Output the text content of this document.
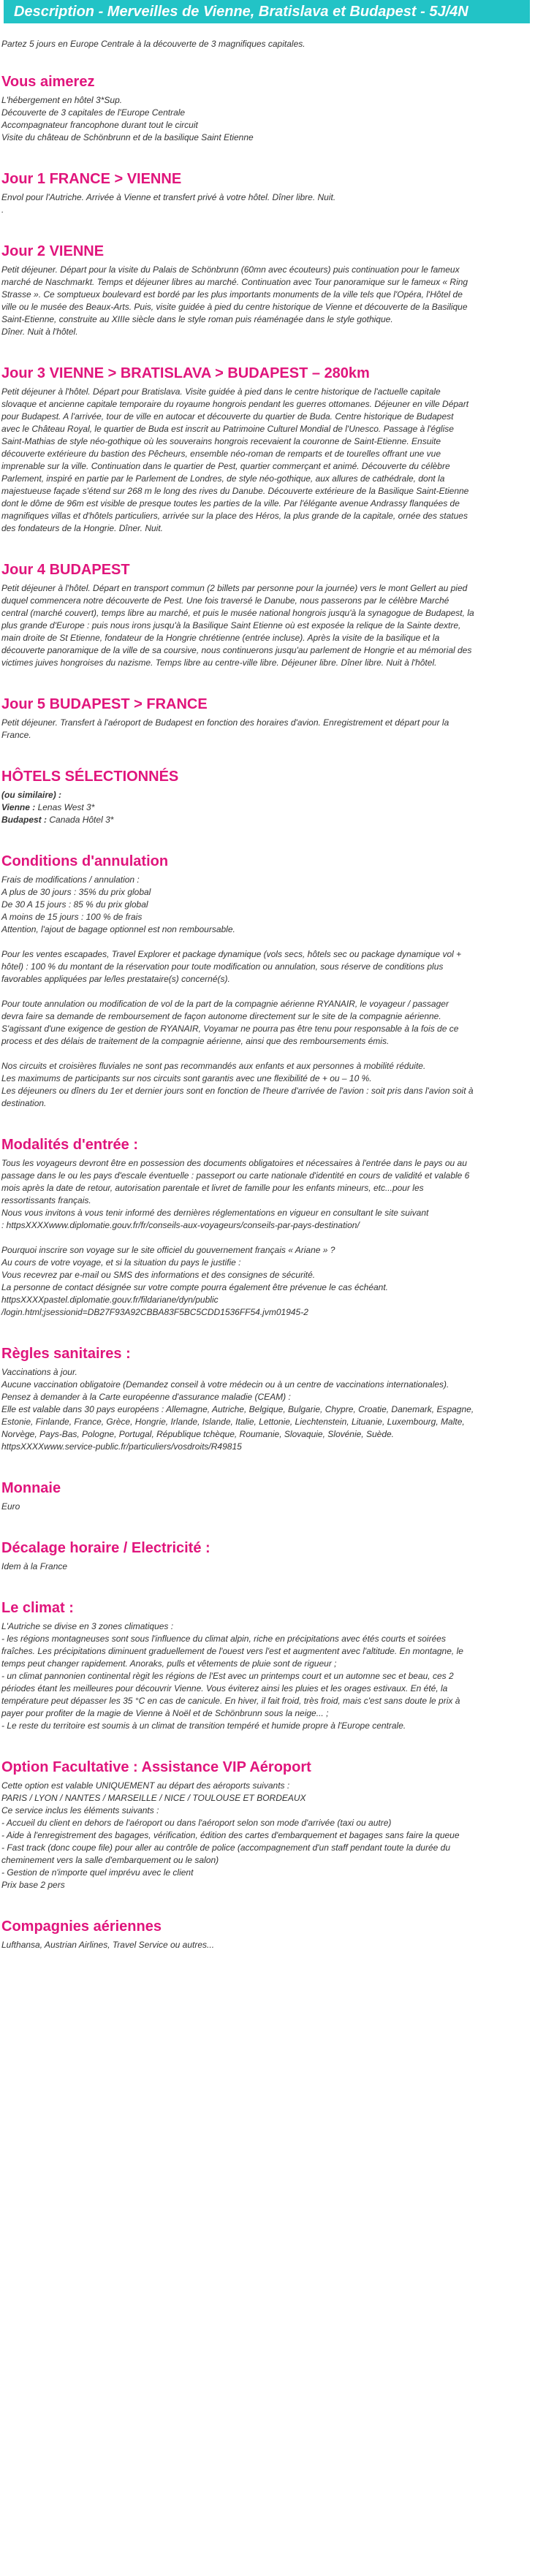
Description - Merveilles de Vienne, Bratislava et Budapest - 5J/4N

Partez 5 jours en Europe Centrale à la découverte de 3 magnifiques capitales.

Vous aimerez

L'hébergement en hôtel 3*Sup.

Découverte de 3 capitales de l'Europe Centrale

Accompagnateur francophone durant tout le circuit

Visite du château de Schönbrunn et de la basilique Saint Etienne

Jour 1 FRANCE > VIENNE

Envol pour l'Autriche. Arrivée à Vienne et transfert privé à votre hôtel. Dîner libre. Nuit.

.

Jour 2 VIENNE

Petit déjeuner. Départ pour la visite du Palais de Schönbrunn (60mn avec écouteurs) puis continuation pour le fameux

marché de Naschmarkt. Temps et déjeuner libres au marché. Continuation avec Tour panoramique sur le fameux « Ring

Strasse ». Ce somptueux boulevard est bordé par les plus importants monuments de la ville tels que l'Opéra, l'Hôtel de

ville ou le musée des Beaux-Arts. Puis, visite guidée à pied du centre historique de Vienne et découverte de la Basilique

Saint-Etienne, construite au XIIIe siècle dans le style roman puis réaménagée dans le style gothique.

Dîner. Nuit à l'hôtel.

Jour 3 VIENNE > BRATISLAVA > BUDAPEST – 280km

Petit déjeuner à l'hôtel. Départ pour Bratislava. Visite guidée à pied dans le centre historique de l'actuelle capitale

slovaque et ancienne capitale temporaire du royaume hongrois pendant les guerres ottomanes. Déjeuner en ville Départ

pour Budapest. A l'arrivée, tour de ville en autocar et découverte du quartier de Buda. Centre historique de Budapest

avec le Château Royal, le quartier de Buda est inscrit au Patrimoine Culturel Mondial de l'Unesco. Passage à l'église

Saint-Mathias de style néo-gothique où les souverains hongrois recevaient la couronne de Saint-Etienne. Ensuite

découverte extérieure du bastion des Pêcheurs, ensemble néo-roman de remparts et de tourelles offrant une vue

imprenable sur la ville. Continuation dans le quartier de Pest, quartier commerçant et animé. Découverte du célèbre

Parlement, inspiré en partie par le Parlement de Londres, de style néo-gothique, aux allures de cathédrale, dont la

majestueuse façade s'étend sur 268 m le long des rives du Danube. Découverte extérieure de la Basilique Saint-Etienne

dont le dôme de 96m est visible de presque toutes les parties de la ville. Par l'élégante avenue Andrassy flanquées de

magnifiques villas et d'hôtels particuliers, arrivée sur la place des Héros, la plus grande de la capitale, ornée des statues

des fondateurs de la Hongrie. Dîner. Nuit.

Jour 4 BUDAPEST

Petit déjeuner à l'hôtel. Départ en transport commun (2 billets par personne pour la journée) vers le mont Gellert au pied

duquel commencera notre découverte de Pest. Une fois traversé le Danube, nous passerons par le célèbre Marché

central (marché couvert), temps libre au marché, et puis le musée national hongrois jusqu'à la synagogue de Budapest, la

plus grande d'Europe : puis nous irons jusqu'à la Basilique Saint Etienne où est exposée la relique de la Sainte dextre,

main droite de St Etienne, fondateur de la Hongrie chrétienne (entrée incluse). Après la visite de la basilique et la

découverte panoramique de la ville de sa coursive, nous continuerons jusqu'au parlement de Hongrie et au mémorial des

victimes juives hongroises du nazisme. Temps libre au centre-ville libre. Déjeuner libre. Dîner libre. Nuit à l'hôtel.

Jour 5 BUDAPEST > FRANCE

Petit déjeuner. Transfert à l'aéroport de Budapest en fonction des horaires d'avion. Enregistrement et départ pour la

France.

HÔTELS SÉLECTIONNÉS

(ou similaire) :

Vienne : Lenas West 3*

Budapest : Canada Hôtel 3*

Conditions d'annulation

Frais de modifications / annulation :

A plus de 30 jours : 35% du prix global

De 30 A 15 jours : 85 % du prix global

A moins de 15 jours : 100 % de frais

Attention, l'ajout de bagage optionnel est non remboursable.

Pour les ventes escapades, Travel Explorer et package dynamique (vols secs, hôtels sec ou package dynamique vol +

hôtel) : 100 % du montant de la réservation pour toute modification ou annulation, sous réserve de conditions plus

favorables appliquées par le/les prestataire(s) concerné(s).

Pour toute annulation ou modification de vol de la part de la compagnie aérienne RYANAIR, le voyageur / passager

devra faire sa demande de remboursement de façon autonome directement sur le site de la compagnie aérienne.

S'agissant d'une exigence de gestion de RYANAIR, Voyamar ne pourra pas être tenu pour responsable à la fois de ce

process et des délais de traitement de la compagnie aérienne, ainsi que des remboursements émis.

Nos circuits et croisières fluviales ne sont pas recommandés aux enfants et aux personnes à mobilité réduite.

Les maximums de participants sur nos circuits sont garantis avec une flexibilité de + ou – 10 %.

Les déjeuners ou dîners du 1er et dernier jours sont en fonction de l'heure d'arrivée de l'avion : soit pris dans l'avion soit à

destination.

Modalités d'entrée :

Tous les voyageurs devront être en possession des documents obligatoires et nécessaires à l'entrée dans le pays ou au

passage dans le ou les pays d'escale éventuelle : passeport ou carte nationale d'identité en cours de validité et valable 6

mois après la date de retour, autorisation parentale et livret de famille pour les enfants mineurs, etc...pour les

ressortissants français.

Nous vous invitons à vous tenir informé des dernières réglementations en vigueur en consultant le site suivant

: httpsXXXXwww.diplomatie.gouv.fr/fr/conseils-aux-voyageurs/conseils-par-pays-destination/

Pourquoi inscrire son voyage sur le site officiel du gouvernement français « Ariane » ?

Au cours de votre voyage, et si la situation du pays le justifie :

Vous recevrez par e-mail ou SMS des informations et des consignes de sécurité.

La personne de contact désignée sur votre compte pourra également être prévenue le cas échéant.

httpsXXXXpastel.diplomatie.gouv.fr/fildariane/dyn/public

/login.html;jsessionid=DB27F93A92CBBA83F5BC5CDD1536FF54.jvm01945-2

Règles sanitaires :

Vaccinations à jour.

Aucune vaccination obligatoire (Demandez conseil à votre médecin ou à un centre de vaccinations internationales).

Pensez à demander à la Carte européenne d'assurance maladie (CEAM) :

Elle est valable dans 30 pays européens : Allemagne, Autriche, Belgique, Bulgarie, Chypre, Croatie, Danemark, Espagne,

Estonie, Finlande, France, Grèce, Hongrie, Irlande, Islande, Italie, Lettonie, Liechtenstein, Lituanie, Luxembourg, Malte,

Norvège, Pays-Bas, Pologne, Portugal, République tchèque, Roumanie, Slovaquie, Slovénie, Suède.

httpsXXXXwww.service-public.fr/particuliers/vosdroits/R49815

Monnaie

Euro

Décalage horaire / Electricité :

Idem à la France

Le climat :

L'Autriche se divise en 3 zones climatiques :

- les régions montagneuses sont sous l'influence du climat alpin, riche en précipitations avec étés courts et soirées

fraîches. Les précipitations diminuent graduellement de l'ouest vers l'est et augmentent avec l'altitude. En montagne, le

temps peut changer rapidement. Anoraks, pulls et vêtements de pluie sont de rigueur ;

- un climat pannonien continental règit les régions de l'Est avec un printemps court et un automne sec et beau, ces 2

périodes étant les meilleures pour découvrir Vienne. Vous éviterez ainsi les pluies et les orages estivaux. En été, la

température peut dépasser les 35 °C en cas de canicule. En hiver, il fait froid, très froid, mais c'est sans doute le prix à

payer pour profiter de la magie de Vienne à Noël et de Schönbrunn sous la neige... ;

- Le reste du territoire est soumis à un climat de transition tempéré et humide propre à l'Europe centrale.

Option Facultative : Assistance VIP Aéroport

Cette option est valable UNIQUEMENT au départ des aéroports suivants :

PARIS / LYON / NANTES / MARSEILLE / NICE / TOULOUSE ET BORDEAUX

Ce service inclus les éléments suivants :

- Accueil du client en dehors de l'aéroport ou dans l'aéroport selon son mode d'arrivée (taxi ou autre)

- Aide à l'enregistrement des bagages, vérification, édition des cartes d'embarquement et bagages sans faire la queue

- Fast track (donc coupe file) pour aller au contrôle de police (accompagnement d'un staff pendant toute la durée du

cheminement vers la salle d'embarquement ou le salon)

- Gestion de n'importe quel imprévu avec le client

Prix base 2 pers

Compagnies aériennes

Lufthansa, Austrian Airlines, Travel Service ou autres...
